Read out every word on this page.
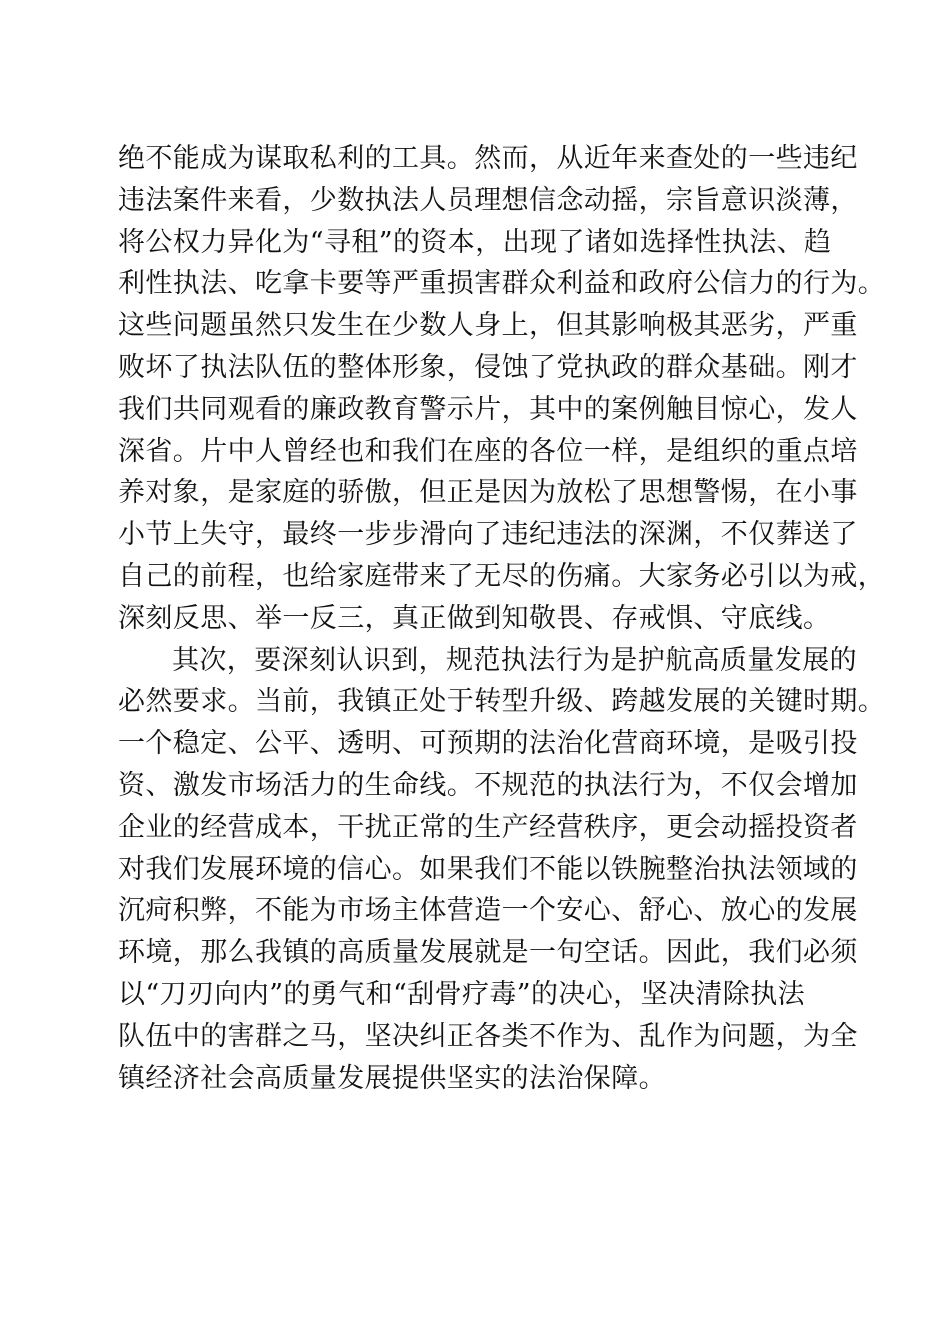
绝不能成为谋取私利的工具。然而，从近年来查处的一些违纪
违法案件来看，少数执法人员理想信念动摇，宗旨意识淡薄，
将公权力异化为“寻租”的资本，出现了诸如选择性执法、趋
利性执法、吃拿卡要等严重损害群众利益和政府公信力的行为。
这些问题虽然只发生在少数人身上，但其影响极其恶劣，严重
败坏了执法队伍的整体形象，侵蚀了党执政的群众基础。刚才
我们共同观看的廉政教育警示片，其中的案例触目惊心，发人
深省。片中人曾经也和我们在座的各位一样，是组织的重点培
养对象，是家庭的骄傲，但正是因为放松了思想警惕，在小事
小节上失守，最终一步步滑向了违纪违法的深渊，不仅葬送了
自己的前程，也给家庭带来了无尽的伤痛。大家务必引以为戒，
深刻反思、举一反三，真正做到知敬畏、存戒惧、守底线。
其次，要深刻认识到，规范执法行为是护航高质量发展的
必然要求。当前，我镇正处于转型升级、跨越发展的关键时期。
一个稳定、公平、透明、可预期的法治化营商环境，是吸引投
资、激发市场活力的生命线。不规范的执法行为，不仅会增加
企业的经营成本，干扰正常的生产经营秩序，更会动摇投资者
对我们发展环境的信心。如果我们不能以铁腕整治执法领域的
沉疴积弊，不能为市场主体营造一个安心、舒心、放心的发展
环境，那么我镇的高质量发展就是一句空话。因此，我们必须
以“刀刃向内”的勇气和“刮骨疗毒”的决心，坚决清除执法
队伍中的害群之马，坚决纠正各类不作为、乱作为问题，为全
镇经济社会高质量发展提供坚实的法治保障。
